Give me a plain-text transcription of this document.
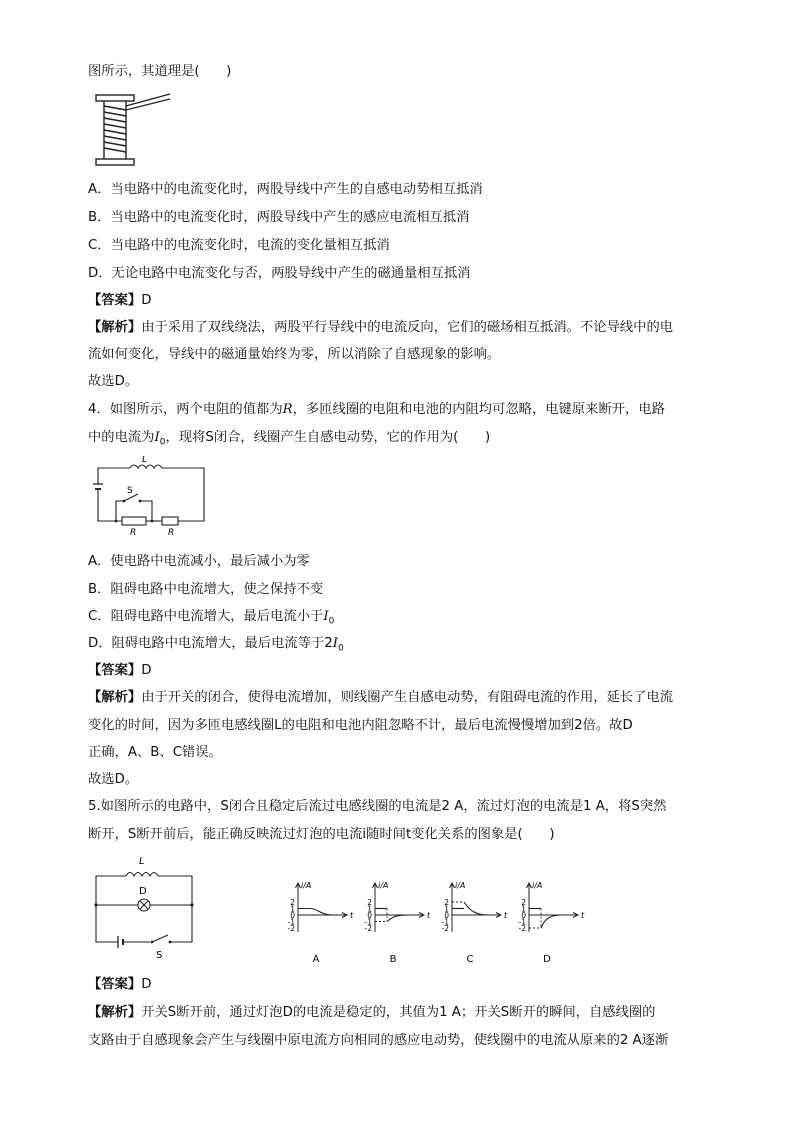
图所示，其道理是(　　)
A．当电路中的电流变化时，两股导线中产生的自感电动势相互抵消
B．当电路中的电流变化时，两股导线中产生的感应电流相互抵消
C．当电路中的电流变化时，电流的变化量相互抵消
D．无论电路中电流变化与否，两股导线中产生的磁通量相互抵消
【答案】D
【解析】由于采用了双线绕法，两股平行导线中的电流反向，它们的磁场相互抵消。不论导线中的电
流如何变化，导线中的磁通量始终为零，所以消除了自感现象的影响。
故选D。
4．如图所示，两个电阻的值都为R，多匝线圈的电阻和电池的内阻均可忽略，电键原来断开，电路
中的电流为$I_0$，现将S闭合，线圈产生自感电动势，它的作用为(　　)
L
S
R	R
A．使电路中电流减小，最后减小为零
B．阻碍电路中电流增大，使之保持不变
C．阻碍电路中电流增大，最后电流小于$I_0$
D．阻碍电路中电流增大，最后电流等于$2I_0$
【答案】D
【解析】由于开关的闭合，使得电流增加，则线圈产生自感电动势，有阻碍电流的作用，延长了电流
变化的时间，因为多匝电感线圈L的电阻和电池内阻忽略不计，最后电流慢慢增加到2倍。故D
正确，A、B、C错误。
故选D。
5.如图所示的电路中，S闭合且稳定后流过电感线圈的电流是2 A，流过灯泡的电流是1 A，将S突然
断开，S断开前后，能正确反映流过灯泡的电流i随时间t变化关系的图象是(　　)
L
D
S
i/A
t
2
1
0
-1
-2
A
i/A
t
2
1
0
-1
-2
B
i/A
t
2
1
0
-1
-2
C
i/A
t
2
1
0
-1
-2
D
【答案】D
【解析】开关S断开前，通过灯泡D的电流是稳定的，其值为1 A；开关S断开的瞬间，自感线圈的
支路由于自感现象会产生与线圈中原电流方向相同的感应电动势，使线圈中的电流从原来的2 A逐渐
